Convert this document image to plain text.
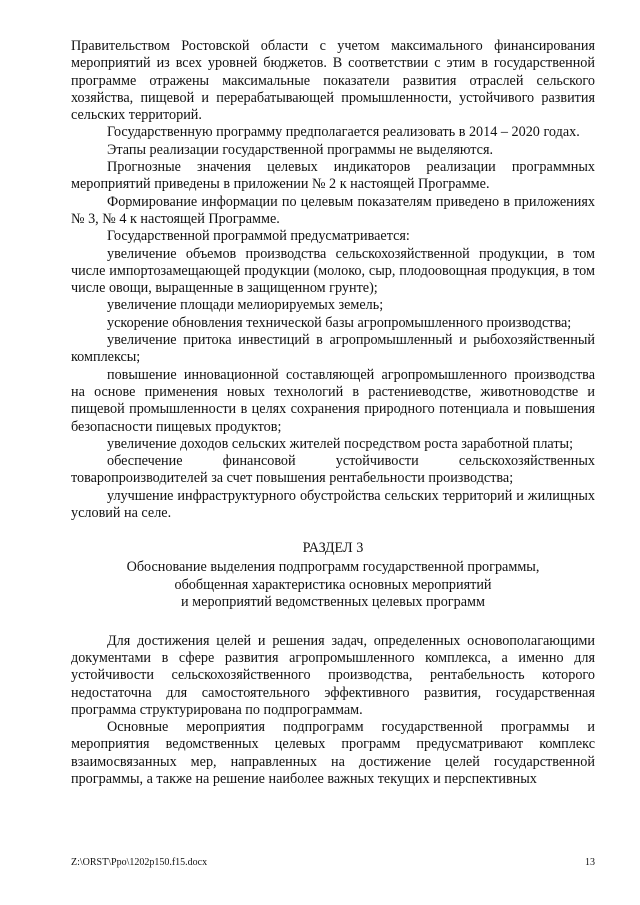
Правительством Ростовской области с учетом максимального финансирования мероприятий из всех уровней бюджетов. В соответствии с этим в государственной программе отражены максимальные показатели развития отраслей сельского хозяйства, пищевой и перерабатывающей промышленности, устойчивого развития сельских территорий.

Государственную программу предполагается реализовать в 2014 – 2020 годах.

Этапы реализации государственной программы не выделяются.

Прогнозные значения целевых индикаторов реализации программных мероприятий приведены в приложении № 2 к настоящей Программе.

Формирование информации по целевым показателям приведено в приложениях № 3, № 4 к настоящей Программе.

Государственной программой предусматривается:

увеличение объемов производства сельскохозяйственной продукции, в том числе импортозамещающей продукции (молоко, сыр, плодоовощная продукция, в том числе овощи, выращенные в защищенном грунте);

увеличение площади мелиорируемых земель;

ускорение обновления технической базы агропромышленного производства;

увеличение притока инвестиций в агропромышленный и рыбохозяйственный комплексы;

повышение инновационной составляющей агропромышленного производства на основе применения новых технологий в растениеводстве, животноводстве и пищевой промышленности в целях сохранения природного потенциала и повышения безопасности пищевых продуктов;

увеличение доходов сельских жителей посредством роста заработной платы;

обеспечение финансовой устойчивости сельскохозяйственных товаропроизводителей за счет повышения рентабельности производства;

улучшение инфраструктурного обустройства сельских территорий и жилищных условий на селе.

РАЗДЕЛ 3

Обоснование выделения подпрограмм государственной программы,

обобщенная характеристика основных мероприятий

и мероприятий ведомственных целевых программ

Для достижения целей и решения задач, определенных основополагающими документами в сфере развития агропромышленного комплекса, а именно для устойчивости сельскохозяйственного производства, рентабельность которого недостаточна для самостоятельного эффективного развития, государственная программа структурирована по подпрограммам.

Основные мероприятия подпрограмм государственной программы и мероприятия ведомственных целевых программ предусматривают комплекс взаимосвязанных мер, направленных на достижение целей государственной программы, а также на решение наиболее важных текущих и перспективных

Z:\ORST\Ppo\1202p150.f15.docx	13
